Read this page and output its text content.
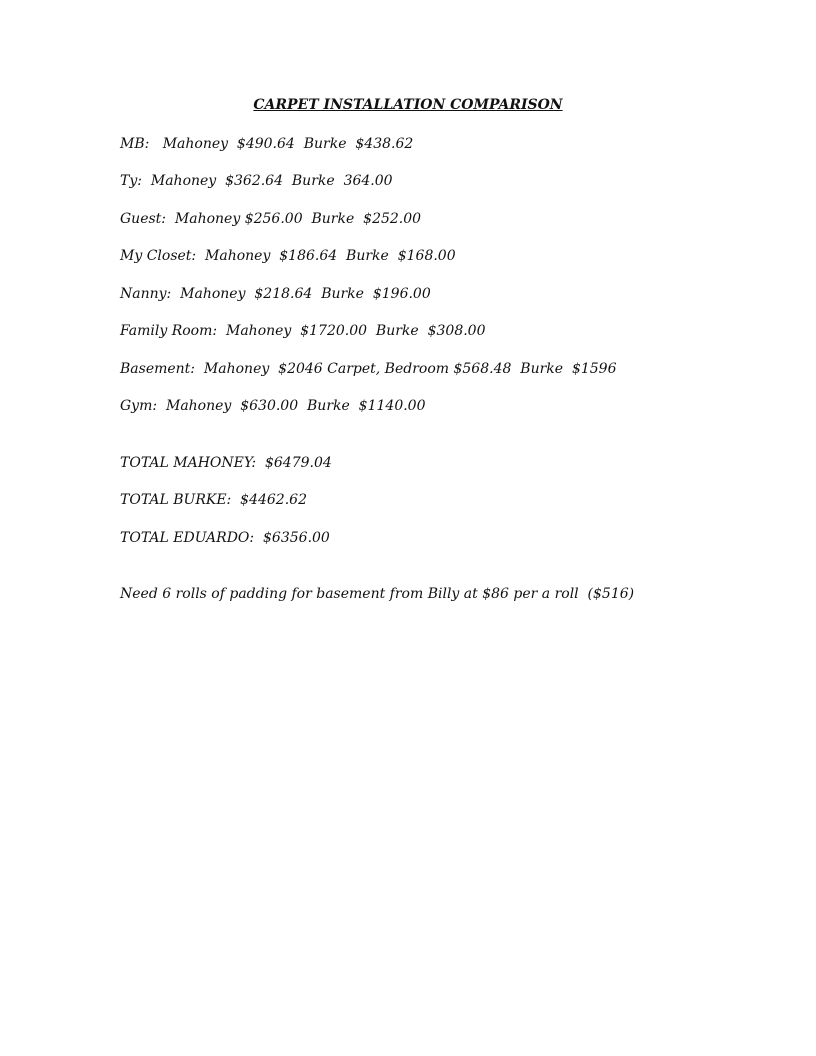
CARPET INSTALLATION COMPARISON
MB:   Mahoney  $490.64  Burke  $438.62
Ty:  Mahoney  $362.64  Burke  364.00
Guest:  Mahoney $256.00  Burke  $252.00
My Closet:  Mahoney  $186.64  Burke  $168.00
Nanny:  Mahoney  $218.64  Burke  $196.00
Family Room:  Mahoney  $1720.00  Burke  $308.00
Basement:  Mahoney  $2046 Carpet, Bedroom $568.48  Burke  $1596
Gym:  Mahoney  $630.00  Burke  $1140.00
TOTAL MAHONEY:  $6479.04
TOTAL BURKE:  $4462.62
TOTAL EDUARDO:  $6356.00
Need 6 rolls of padding for basement from Billy at $86 per a roll  ($516)
